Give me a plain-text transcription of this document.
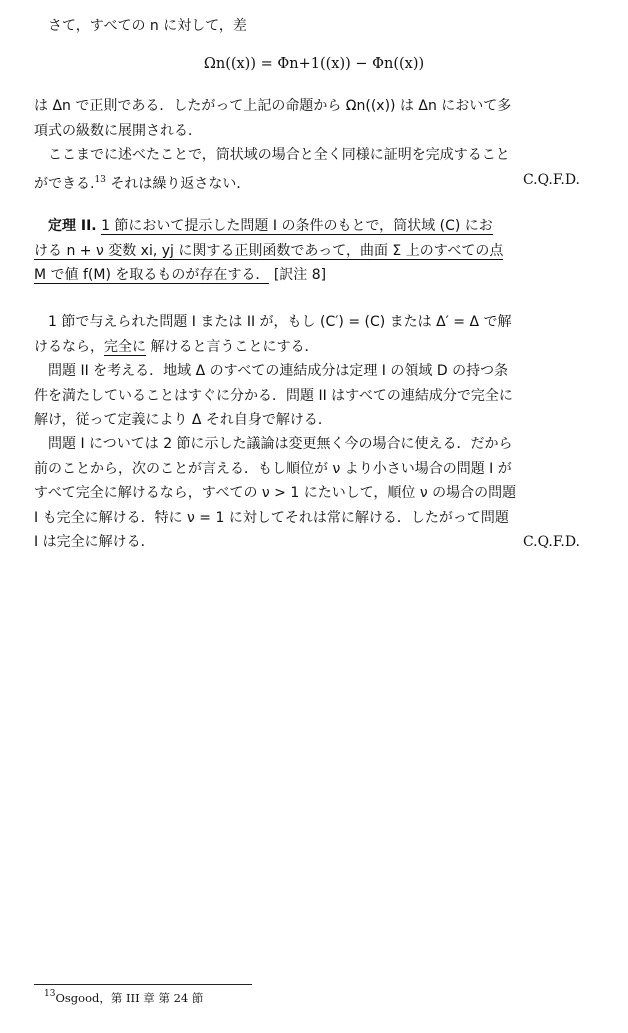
さて，すべての n に対して，差
Ωn((x)) = Φn+1((x)) − Φn((x))
は Δn で正則である．したがって上記の命題から Ωn((x)) は Δn において多
項式の級数に展開される．
ここまでに述べたことで，筒状域の場合と全く同様に証明を完成すること
ができる.$^{13}$ それは繰り返さない．	C.Q.F.D.
定理 II. 1 節において提示した問題 I の条件のもとで，筒状域 (C) にお
ける n + ν 変数 xi, yj に関する正則函数であって，曲面 Σ 上のすべての点
M で値 f(M) を取るものが存在する． [訳注 8]
1 節で与えられた問題 I または II が，もし (C′) = (C) または Δ′ = Δ で解
けるなら，完全に 解けると言うことにする．
問題 II を考える．地域 Δ のすべての連結成分は定理 I の領域 D の持つ条
件を満たしていることはすぐに分かる．問題 II はすべての連結成分で完全に
解け，従って定義により Δ それ自身で解ける．
問題 I については 2 節に示した議論は変更無く今の場合に使える．だから
前のことから，次のことが言える．もし順位が ν より小さい場合の問題 I が
すべて完全に解けるなら，すべての ν > 1 にたいして，順位 ν の場合の問題
I も完全に解ける．特に ν = 1 に対してそれは常に解ける．したがって問題
I は完全に解ける．	C.Q.F.D.
$^{13}$Osgood，第 III 章 第 24 節
